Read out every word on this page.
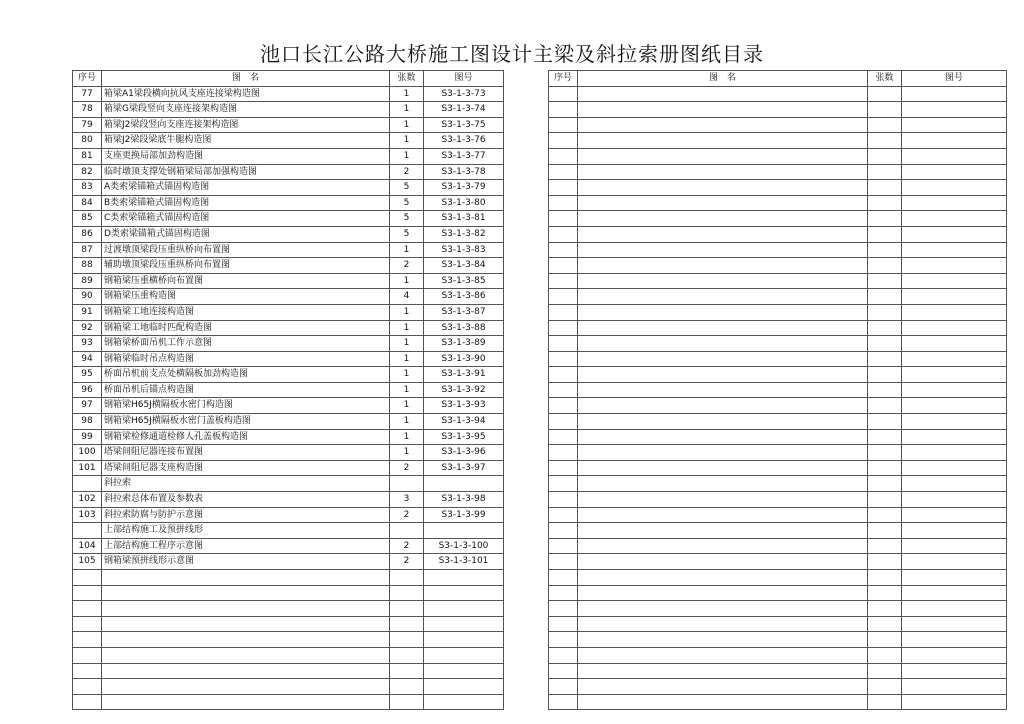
池口长江公路大桥施工图设计主梁及斜拉索册图纸目录
序号	图　名	张数	图号
77	箱梁A1梁段横向抗风支座连接梁构造图	1	S3-1-3-73
78	箱梁G梁段竖向支座连接架构造图	1	S3-1-3-74
79	箱梁J2梁段竖向支座连接架构造图	1	S3-1-3-75
80	箱梁J2梁段梁底牛腿构造图	1	S3-1-3-76
81	支座更换局部加劲构造图	1	S3-1-3-77
82	临时墩顶支撑处钢箱梁局部加强构造图	2	S3-1-3-78
83	A类索梁锚箱式锚固构造图	5	S3-1-3-79
84	B类索梁锚箱式锚固构造图	5	S3-1-3-80
85	C类索梁锚箱式锚固构造图	5	S3-1-3-81
86	D类索梁锚箱式锚固构造图	5	S3-1-3-82
87	过渡墩顶梁段压重纵桥向布置图	1	S3-1-3-83
88	辅助墩顶梁段压重纵桥向布置图	2	S3-1-3-84
89	钢箱梁压重横桥向布置图	1	S3-1-3-85
90	钢箱梁压重构造图	4	S3-1-3-86
91	钢箱梁工地连接构造图	1	S3-1-3-87
92	钢箱梁工地临时匹配构造图	1	S3-1-3-88
93	钢箱梁桥面吊机工作示意图	1	S3-1-3-89
94	钢箱梁临时吊点构造图	1	S3-1-3-90
95	桥面吊机前支点处横隔板加劲构造图	1	S3-1-3-91
96	桥面吊机后锚点构造图	1	S3-1-3-92
97	钢箱梁H65J横隔板水密门构造图	1	S3-1-3-93
98	钢箱梁H65J横隔板水密门盖板构造图	1	S3-1-3-94
99	钢箱梁检修通道检修人孔盖板构造图	1	S3-1-3-95
100	塔梁间阻尼器连接布置图	1	S3-1-3-96
101	塔梁间阻尼器支座构造图	2	S3-1-3-97
	斜拉索		
102	斜拉索总体布置及参数表	3	S3-1-3-98
103	斜拉索防腐与防护示意图	2	S3-1-3-99
	上部结构施工及预拼线形		
104	上部结构施工程序示意图	2	S3-1-3-100
105	钢箱梁预拼线形示意图	2	S3-1-3-101

序号	图　名	张数	图号
